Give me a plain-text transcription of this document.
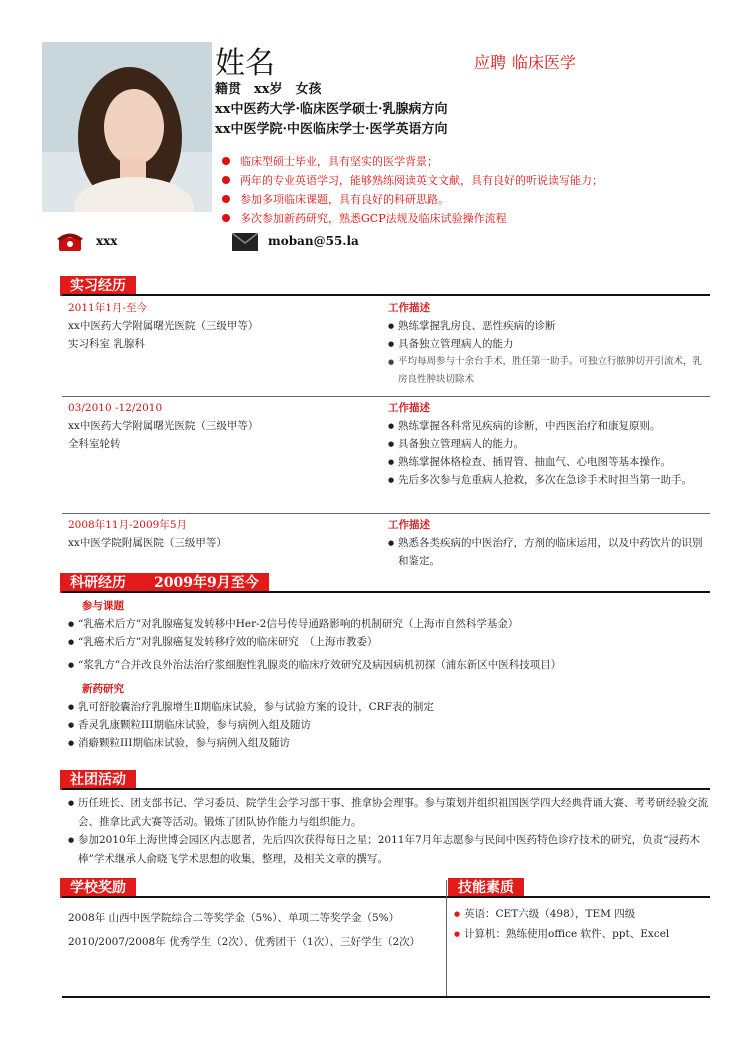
姓名	应聘 临床医学
籍贯　xx岁　女孩
xx中医药大学·临床医学硕士·乳腺病方向
xx中医学院·中医临床学士·医学英语方向
临床型硕士毕业，具有坚实的医学背景；
两年的专业英语学习，能够熟练阅读英文文献，具有良好的听说读写能力；
参加多项临床课题，具有良好的科研思路。
多次参加新药研究，熟悉GCP法规及临床试验操作流程
xxx	moban@55.la
实习经历
2011年1月-至今
xx中医药大学附属曙光医院（三级甲等）
实习科室 乳腺科
工作描述
● 熟练掌握乳房良、恶性疾病的诊断
● 具备独立管理病人的能力
● 平均每周参与十余台手术，胜任第一助手。可独立行脓肿切开引流术，乳房良性肿块切除术
03/2010 -12/2010
xx中医药大学附属曙光医院（三级甲等）
全科室轮转
工作描述
● 熟练掌握各科常见疾病的诊断，中西医治疗和康复原则。
● 具备独立管理病人的能力。
● 熟练掌握体格检查、插胃管、抽血气、心电图等基本操作。
● 先后多次参与危重病人抢救，多次在急诊手术时担当第一助手。
2008年11月-2009年5月
xx中医学院附属医院（三级甲等）
工作描述
● 熟悉各类疾病的中医治疗，方剂的临床运用，以及中药饮片的识别和鉴定。
科研经历　　2009年9月至今
参与课题
● “乳癌术后方”对乳腺癌复发转移中Her-2信号传导通路影响的机制研究（上海市自然科学基金）
● “乳癌术后方”对乳腺癌复发转移疗效的临床研究　（上海市教委）
● “浆乳方”合并改良外治法治疗浆细胞性乳腺炎的临床疗效研究及病因病机初探（浦东新区中医科技项目）
新药研究
● 乳可舒胶囊治疗乳腺增生Ⅱ期临床试验，参与试验方案的设计，CRF表的制定
● 香灵乳康颗粒III期临床试验，参与病例入组及随访
● 消癖颗粒III期临床试验，参与病例入组及随访
社团活动
● 历任班长、团支部书记、学习委员、院学生会学习部干事、推拿协会理事。参与策划并组织祖国医学四大经典背诵大赛、考考研经验交流会、推拿比武大赛等活动。锻炼了团队协作能力与组织能力。
● 参加2010年上海世博会园区内志愿者，先后四次获得每日之星；2011年7月年志愿参与民间中医药特色诊疗技术的研究，负责“浸药木棒”学术继承人俞晓飞学术思想的收集，整理，及相关文章的撰写。
学校奖励	技能素质
2008年 山西中医学院综合二等奖学金（5%）、单项二等奖学金（5%）
2010/2007/2008年 优秀学生（2次）、优秀团干（1次）、三好学生（2次）
● 英语：CET六级（498），TEM 四级
● 计算机：熟练使用office 软件、ppt、Excel
